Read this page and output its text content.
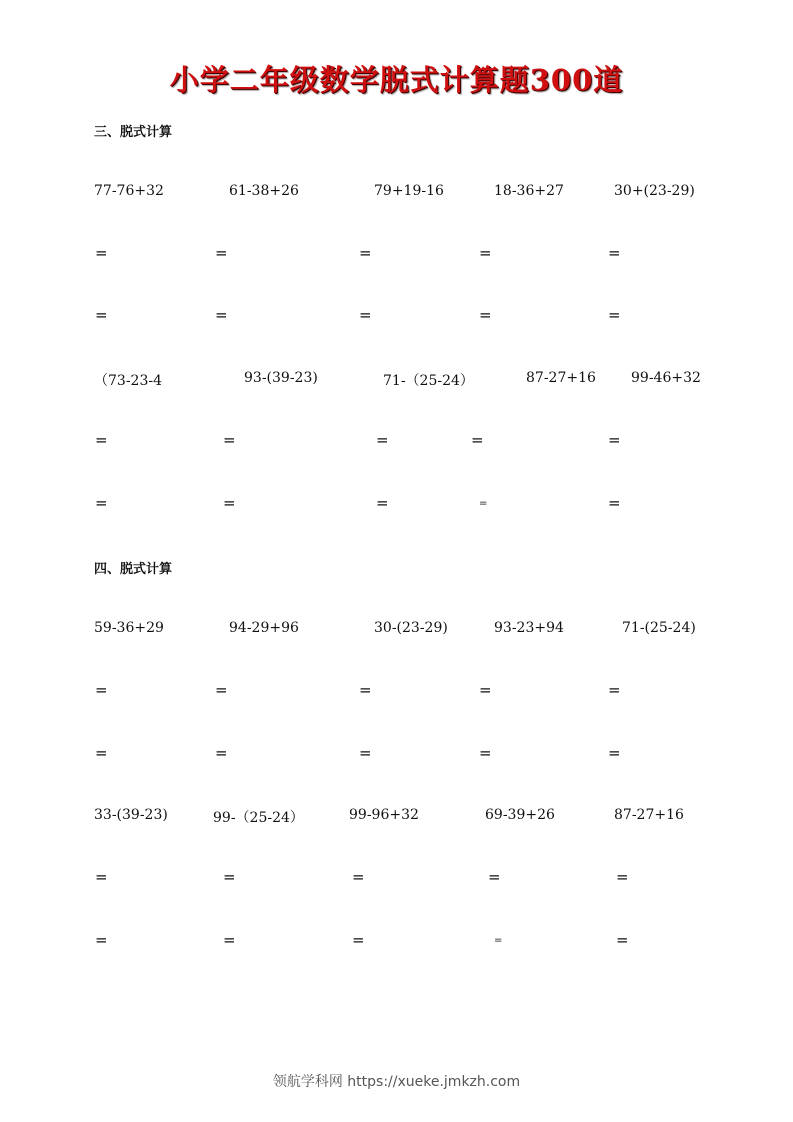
小学二年级数学脱式计算题300道
三、脱式计算
77-76+32	61-38+26	79+19-16	18-36+27	30+(23-29)
=	=	=	=	=
=	=	=	=	=
（73-23-4	93-(39-23)	71-（25-24）	87-27+16	99-46+32
=	=	=	=	=
=	=	=	=	=
四、脱式计算
59-36+29	94-29+96	30-(23-29)	93-23+94	71-(25-24)
=	=	=	=	=
=	=	=	=	=
33-(39-23)	99-（25-24）	99-96+32	69-39+26	87-27+16
=	=	=	=	=
=	=	=	=	=
领航学科网 https://xueke.jmkzh.com
